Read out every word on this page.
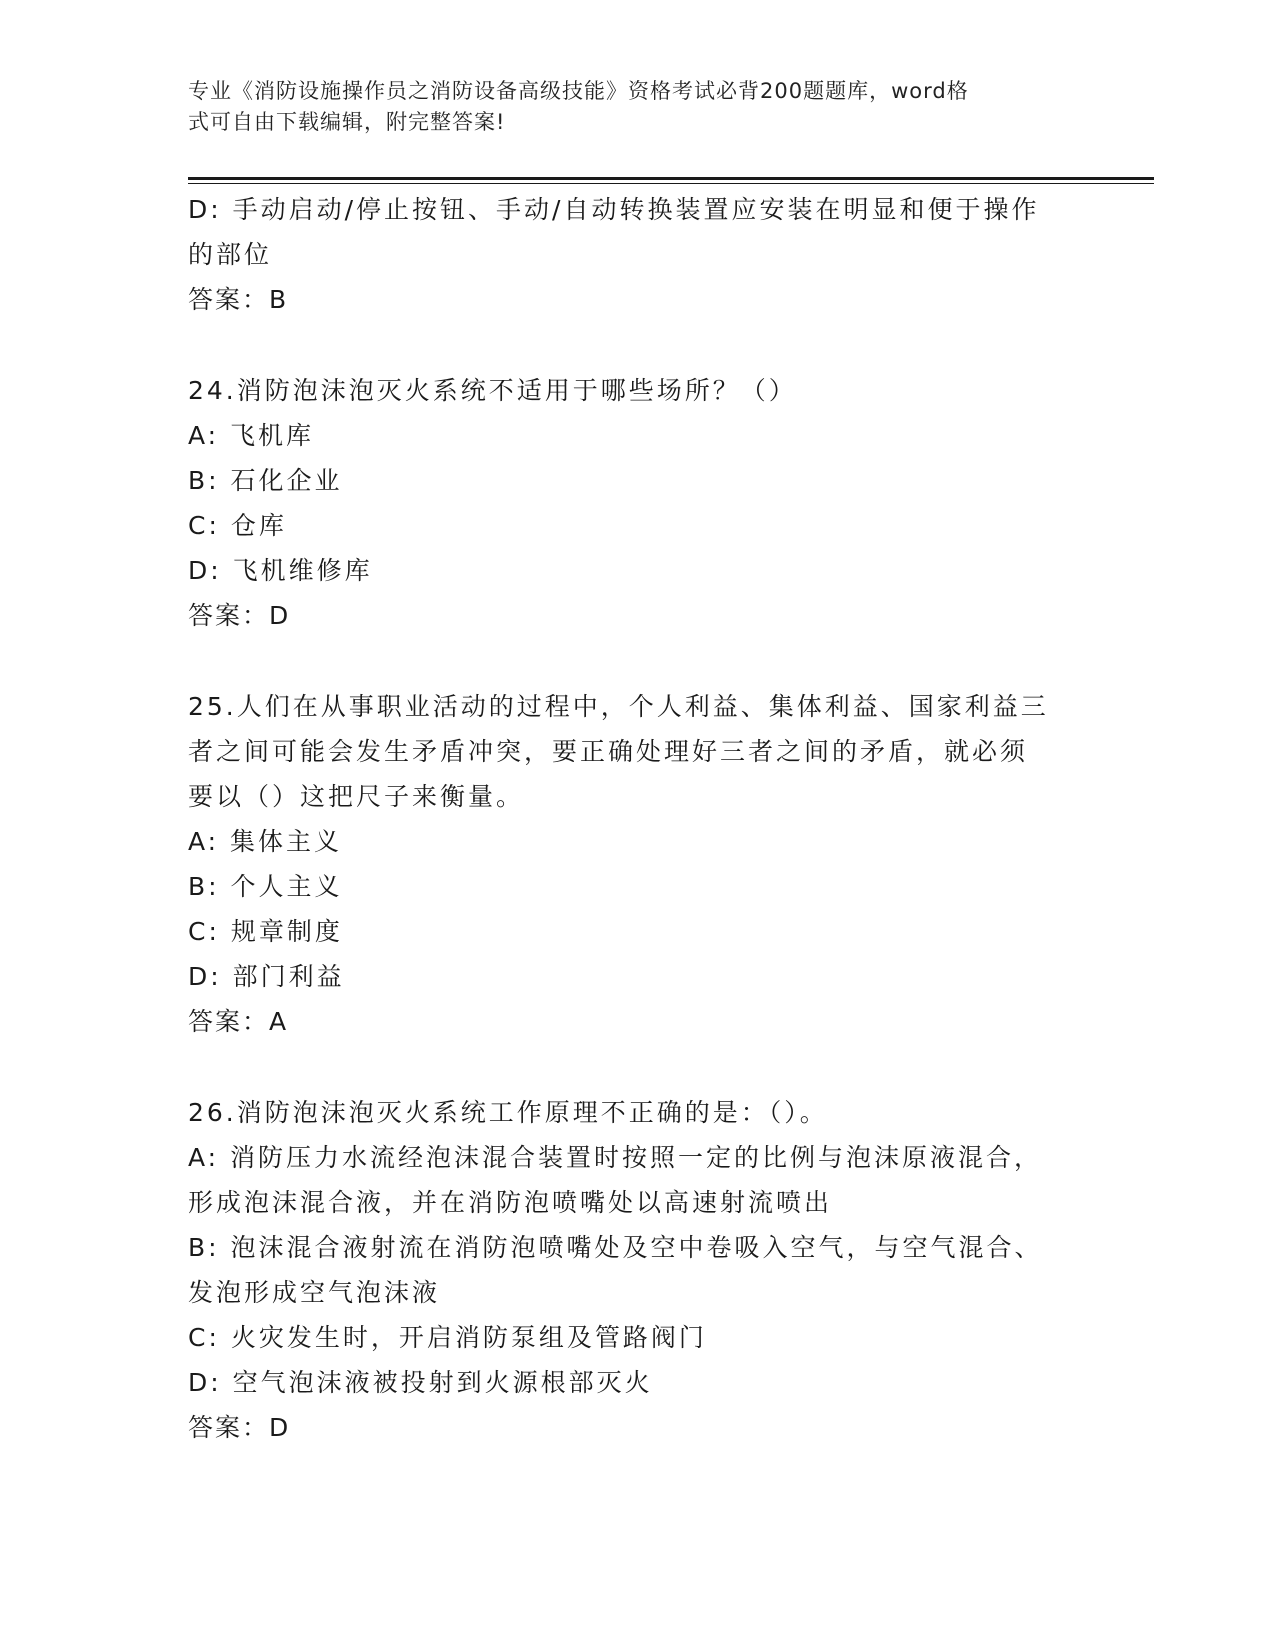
专业《消防设施操作员之消防设备高级技能》资格考试必背200题题库，word格
式可自由下载编辑，附完整答案!
D: 手动启动/停止按钮、手动/自动转换装置应安装在明显和便于操作
的部位
答案：B
24.消防泡沫泡灭火系统不适用于哪些场所？（）
A: 飞机库
B: 石化企业
C: 仓库
D: 飞机维修库
答案：D
25.人们在从事职业活动的过程中，个人利益、集体利益、国家利益三
者之间可能会发生矛盾冲突，要正确处理好三者之间的矛盾，就必须
要以（）这把尺子来衡量。
A: 集体主义
B: 个人主义
C: 规章制度
D: 部门利益
答案：A
26.消防泡沫泡灭火系统工作原理不正确的是：（）。
A: 消防压力水流经泡沫混合装置时按照一定的比例与泡沫原液混合，
形成泡沫混合液，并在消防泡喷嘴处以高速射流喷出
B: 泡沫混合液射流在消防泡喷嘴处及空中卷吸入空气，与空气混合、
发泡形成空气泡沫液
C: 火灾发生时，开启消防泵组及管路阀门
D: 空气泡沫液被投射到火源根部灭火
答案：D
